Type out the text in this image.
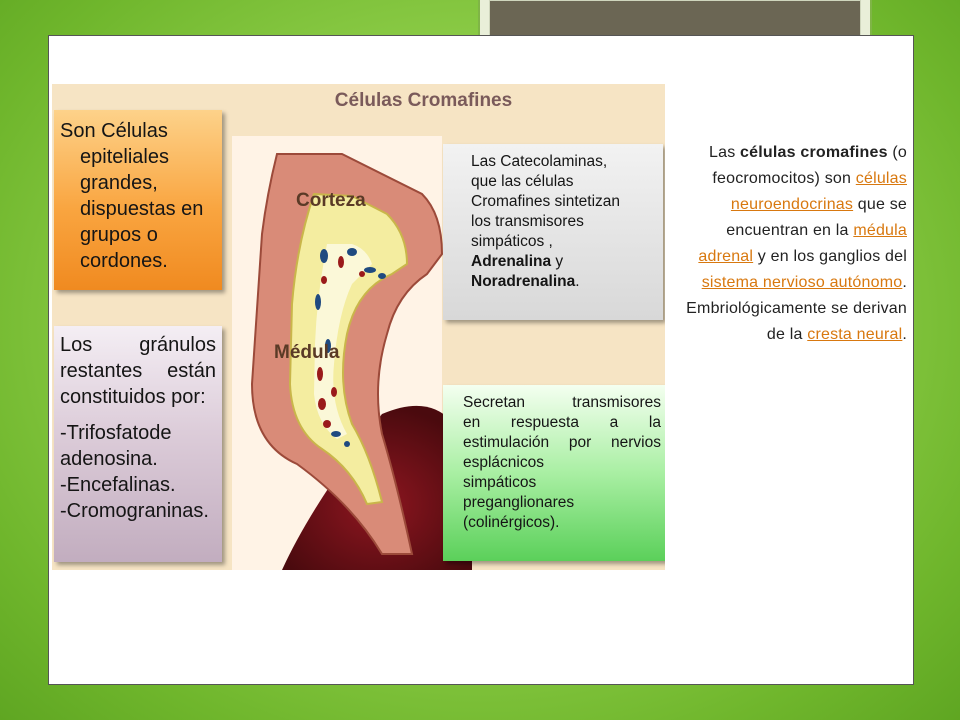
Células Cromafines
Son Células
epiteliales
grandes,
dispuestas en
grupos o
cordones.
Los gránulos
restantes están
constituidos por:
-Trifosfatode
adenosina.
-Encefalinas.
-Cromograninas.
Las Catecolaminas,
que las células
Cromafines sintetizan
los transmisores
simpáticos ,
Adrenalina y
Noradrenalina.
Secretan transmisores
en respuesta a la
estimulación por nervios
esplácnicos
simpáticos
preganglionares
(colinérgicos).
Corteza
Médula
Las células cromafines (o feocromocitos) son células neuroendocrinas que se encuentran en la médula adrenal y en los ganglios del sistema nervioso autónomo. Embriológicamente se derivan de la cresta neural.
